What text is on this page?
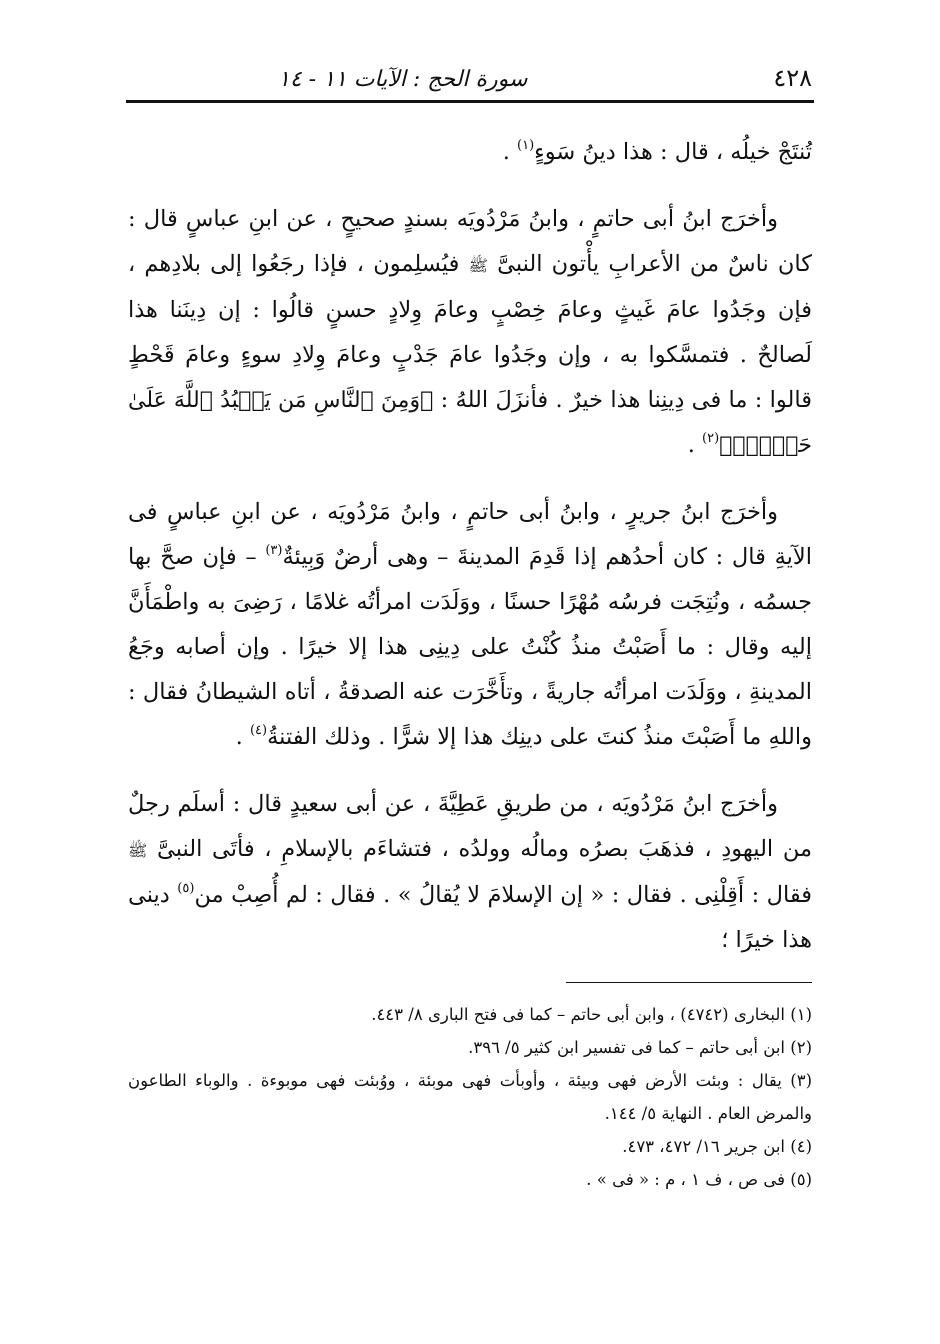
٤٢٨
سورة الحج : الآيات ١١ - ١٤

تُنتَجْ خيلُه ، قال : هذا دينُ سَوءٍ$^{(١)}$ .

وأخرَج ابنُ أبى حاتمٍ ، وابنُ مَرْدُويَه بسندٍ صحيحٍ ، عن ابنِ عباسٍ قال : كان ناسٌ من الأعرابِ يأْتون النبىَّ ﷺ فيُسلِمون ، فإذا رجَعُوا إلى بلادِهم ، فإن وجَدُوا عامَ غَيثٍ وعامَ خِصْبٍ وعامَ وِلادٍ حسنٍ قالُوا : إن دِينَنا هذا لَصالحٌ . فتمسَّكوا به ، وإن وجَدُوا عامَ جَدْبٍ وعامَ وِلادِ سوءٍ وعامَ قَحْطٍ قالوا : ما فى دِينِنا هذا خيرٌ . فأنزَلَ اللهُ : ﴿وَمِنَ ٱلنَّاسِ مَن يَعۡبُدُ ٱللَّهَ عَلَىٰ حَرۡفٖۖ﴾$^{(٢)}$ .

وأخرَج ابنُ جريرٍ ، وابنُ أبى حاتمٍ ، وابنُ مَرْدُويَه ، عن ابنِ عباسٍ فى الآيةِ قال : كان أحدُهم إذا قَدِمَ المدينةَ – وهى أرضٌ وَبِيئةٌ$^{(٣)}$ – فإن صحَّ بها جسمُه ، ونُتِجَت فرسُه مُهْرًا حسنًا ، ووَلَدَت امرأتُه غلامًا ، رَضِىَ به واطْمَأَنَّ إليه وقال : ما أَصَبْتُ منذُ كُنْتُ على دِينِى هذا إلا خيرًا . وإن أصابه وجَعُ المدينةِ ، ووَلَدَت امرأتُه جاريةً ، وتأَخَّرَت عنه الصدقةُ ، أتاه الشيطانُ فقال : واللهِ ما أَصَبْتَ منذُ كنتَ على دينِك هذا إلا شرًّا . وذلك الفتنةُ$^{(٤)}$ .

وأخرَج ابنُ مَرْدُويَه ، من طريقِ عَطِيَّةَ ، عن أبى سعيدٍ قال : أسلَم رجلٌ من اليهودِ ، فذهَبَ بصرُه ومالُه وولدُه ، فتشاءَم بالإسلامِ ، فأتَى النبىَّ ﷺ فقال : أَقِلْنِى . فقال : « إن الإسلامَ لا يُقالُ » . فقال : لم أُصِبْ من$^{(٥)}$ دينى هذا خيرًا ؛

(١) البخارى (٤٧٤٢) ، وابن أبى حاتم – كما فى فتح البارى ٨/ ٤٤٣.

(٢) ابن أبى حاتم – كما فى تفسير ابن كثير ٥/ ٣٩٦.

(٣) يقال : وبئت الأرض فهى وبيئة ، وأوبأت فهى موبئة ، ووُبئت فهى موبوءة . والوباء الطاعون والمرض العام . النهاية ٥/ ١٤٤.

(٤) ابن جرير ١٦/ ٤٧٢، ٤٧٣.

(٥) فى ص ، ف ١ ، م : « فى » .
